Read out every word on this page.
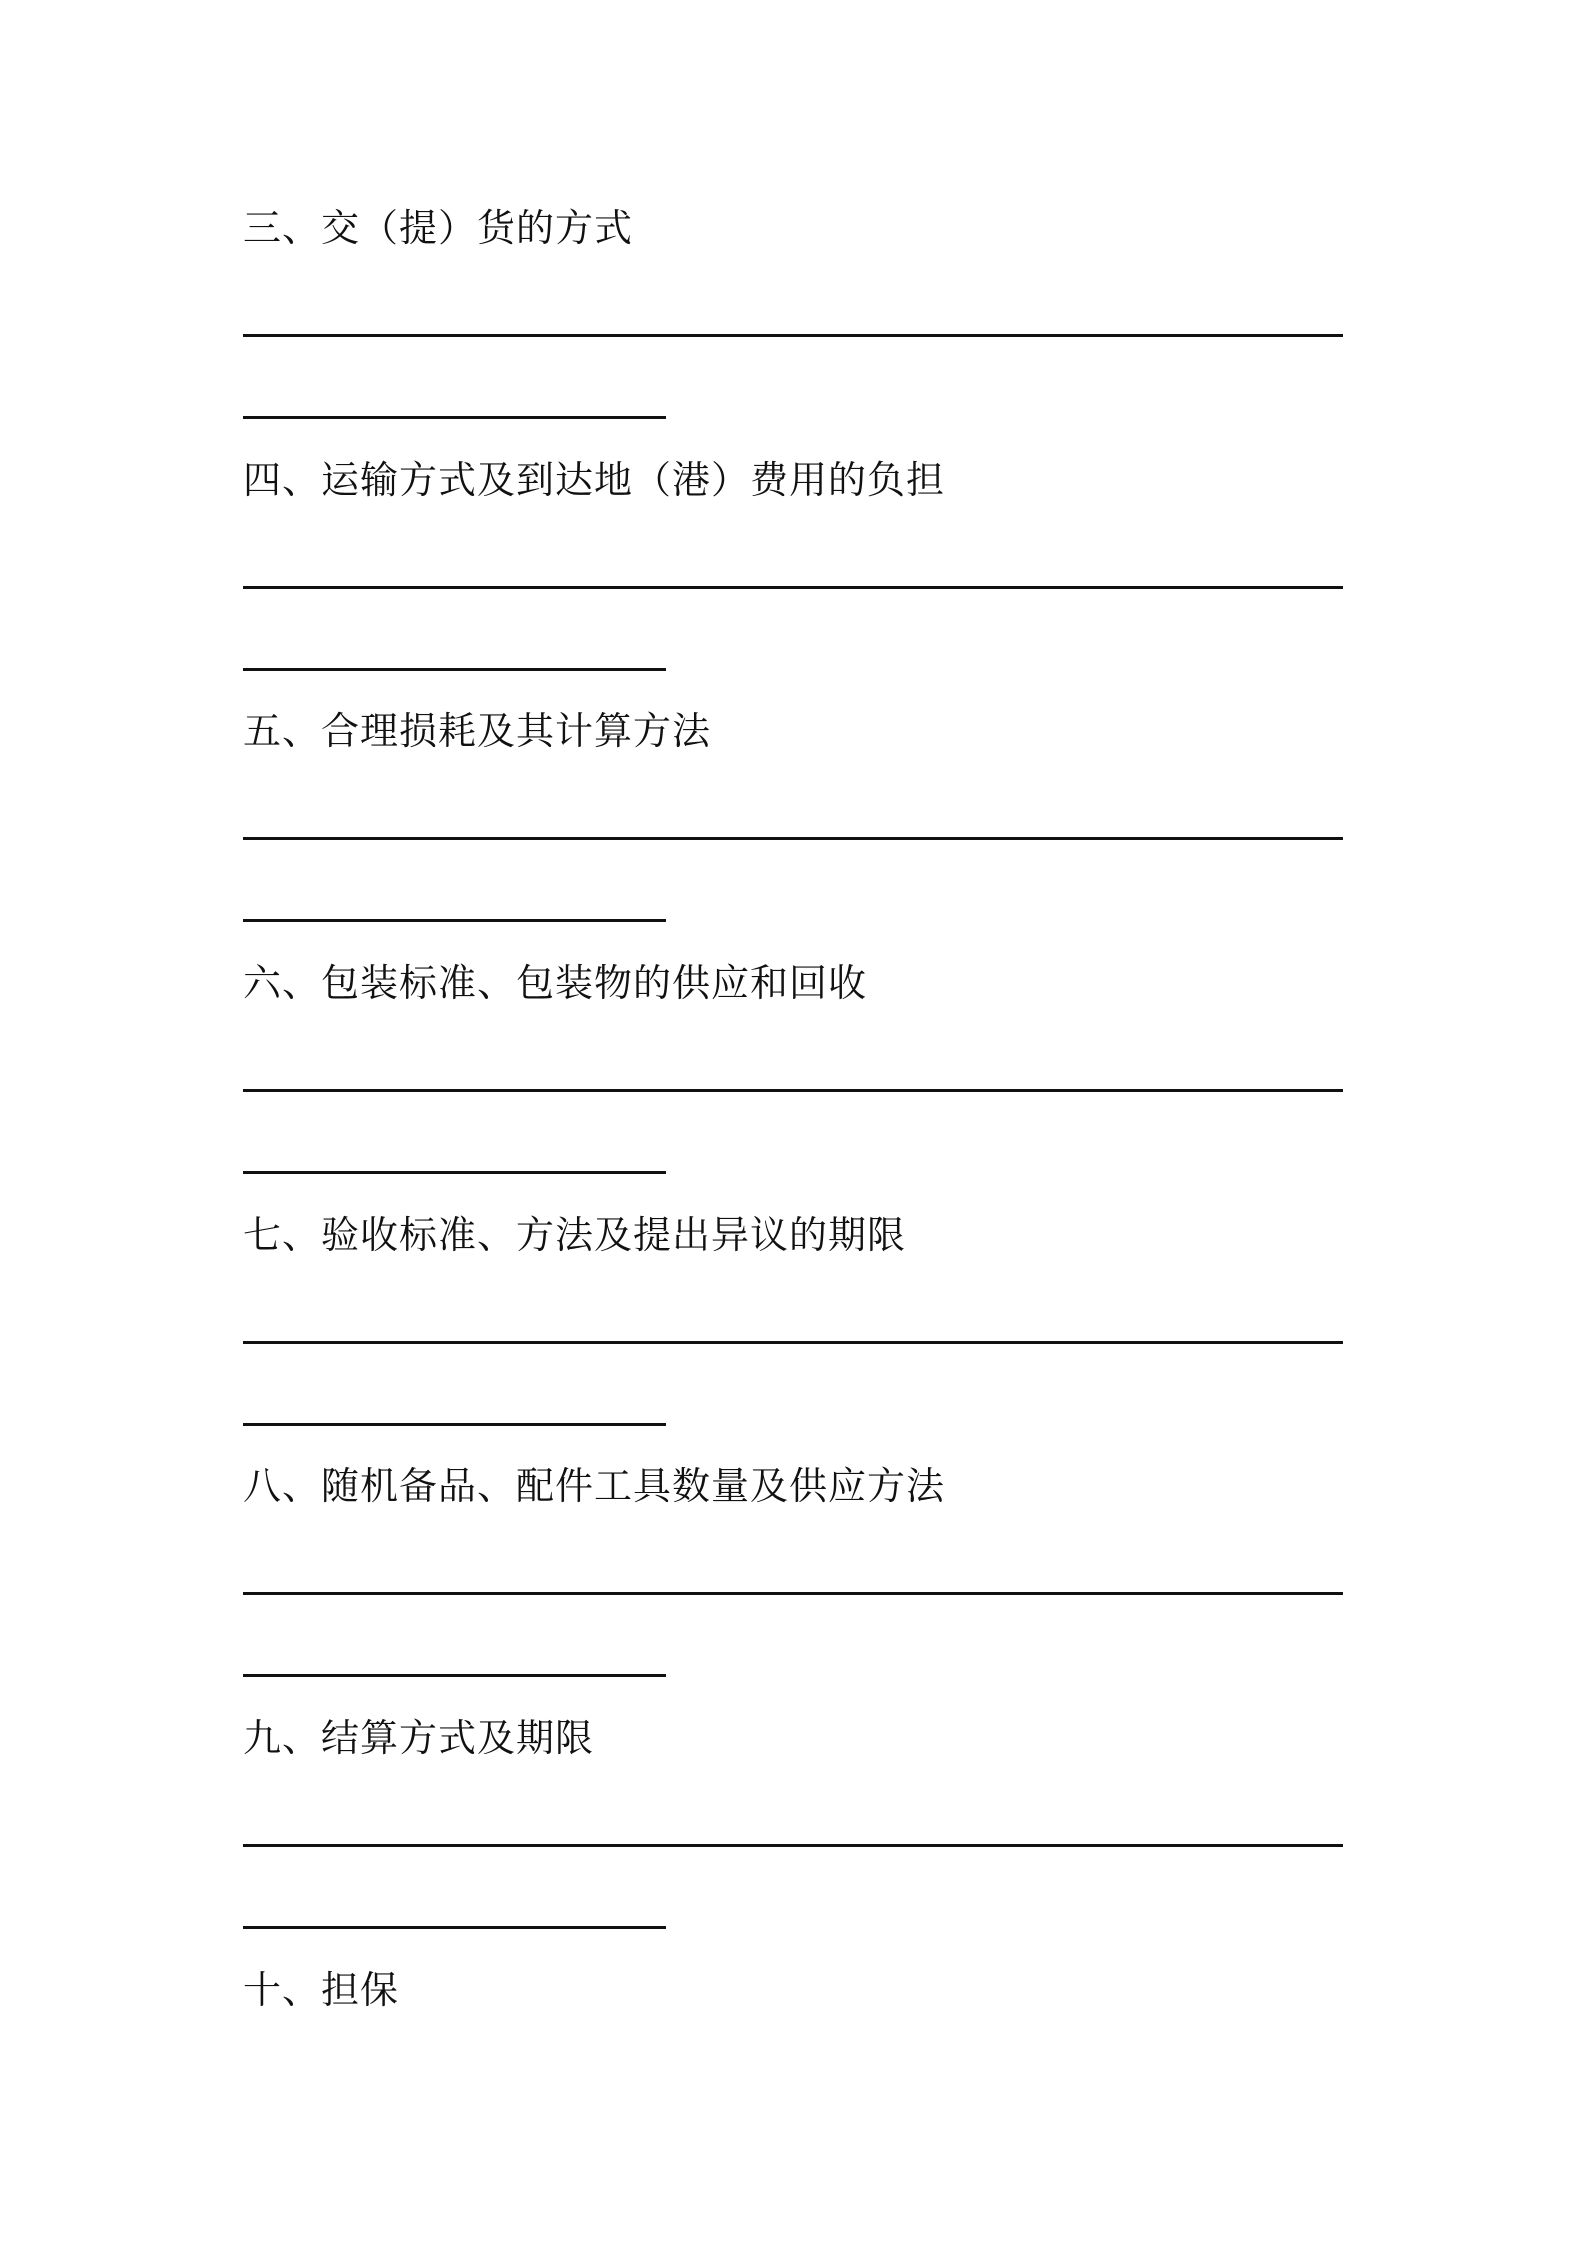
三、交（提）货的方式
四、运输方式及到达地（港）费用的负担
五、合理损耗及其计算方法
六、包装标准、包装物的供应和回收
七、验收标准、方法及提出异议的期限
八、随机备品、配件工具数量及供应方法
九、结算方式及期限
十、担保
